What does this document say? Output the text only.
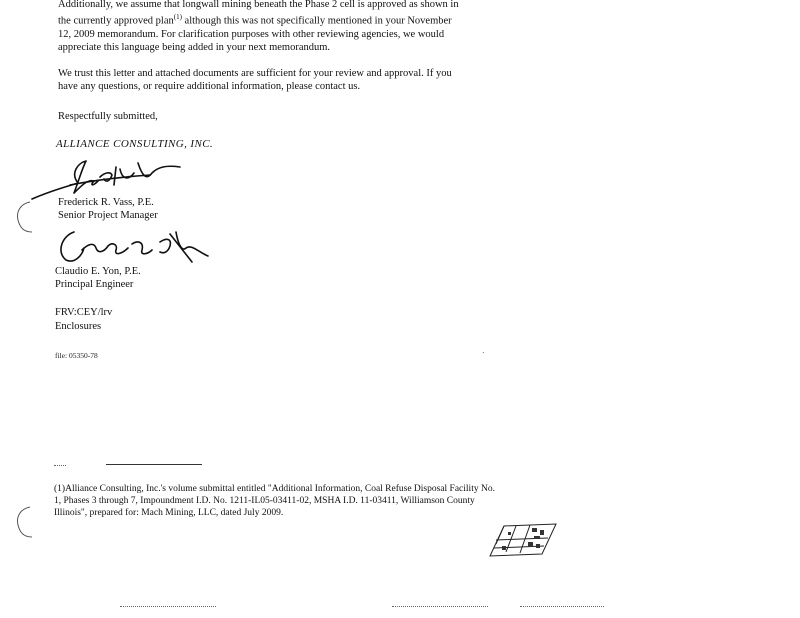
Additionally, we assume that longwall mining beneath the Phase 2 cell is approved as shown in
the currently approved plan$^{(1)}$ although this was not specifically mentioned in your November
12, 2009 memorandum. For clarification purposes with other reviewing agencies, we would
appreciate this language being added in your next memorandum.
We trust this letter and attached documents are sufficient for your review and approval. If you
have any questions, or require additional information, please contact us.
Respectfully submitted,
ALLIANCE CONSULTING, INC.
Frederick R. Vass, P.E.
Senior Project Manager
Claudio E. Yon, P.E.
Principal Engineer
FRV:CEY/lrv
Enclosures
file: 05350-78	·
(1)Alliance Consulting, Inc.'s volume submittal entitled "Additional Information, Coal Refuse Disposal Facility No.
1, Phases 3 through 7, Impoundment I.D. No. 1211-IL05-03411-02, MSHA I.D. 11-03411, Williamson County
Illinois", prepared for: Mach Mining, LLC, dated July 2009.
